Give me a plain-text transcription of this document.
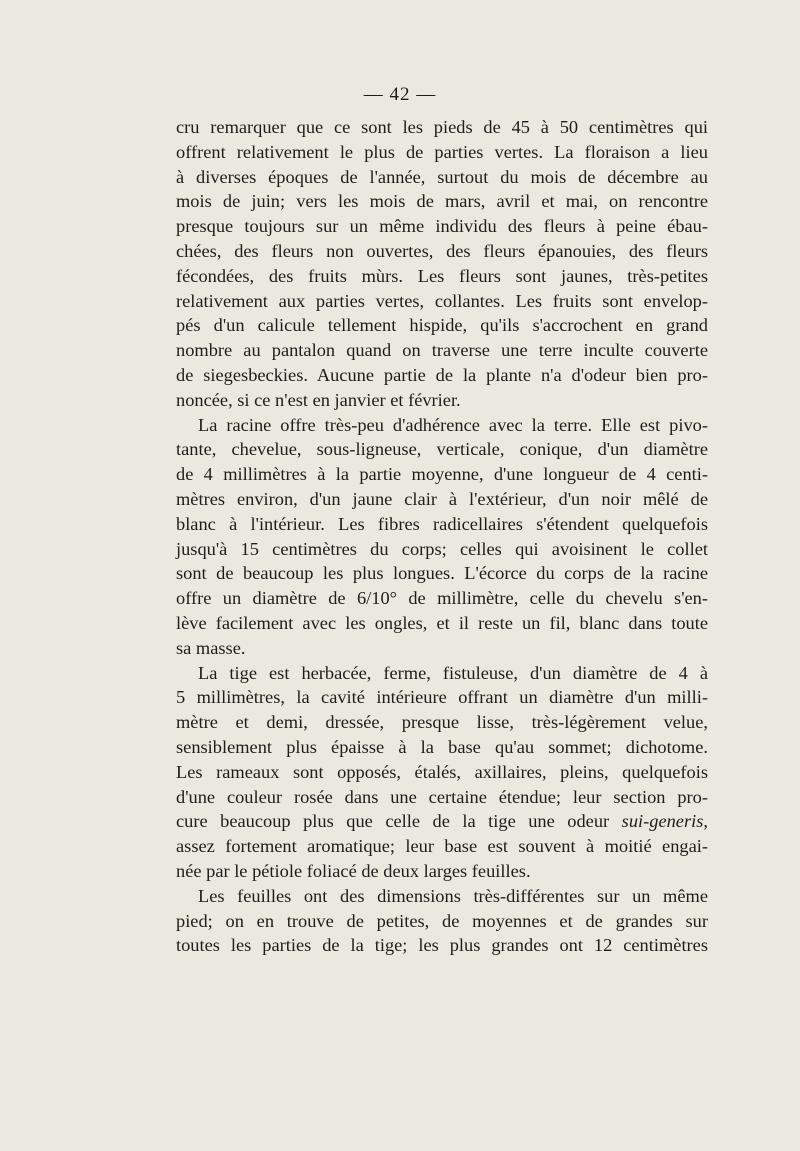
— 42 —
cru remarquer que ce sont les pieds de 45 à 50 centimètres qui
offrent relativement le plus de parties vertes. La floraison a lieu
à diverses époques de l'année, surtout du mois de décembre au
mois de juin; vers les mois de mars, avril et mai, on rencontre
presque toujours sur un même individu des fleurs à peine ébau-
chées, des fleurs non ouvertes, des fleurs épanouies, des fleurs
fécondées, des fruits mùrs. Les fleurs sont jaunes, très-petites
relativement aux parties vertes, collantes. Les fruits sont envelop-
pés d'un calicule tellement hispide, qu'ils s'accrochent en grand
nombre au pantalon quand on traverse une terre inculte couverte
de siegesbeckies. Aucune partie de la plante n'a d'odeur bien pro-
noncée, si ce n'est en janvier et février.
La racine offre très-peu d'adhérence avec la terre. Elle est pivo-
tante, chevelue, sous-ligneuse, verticale, conique, d'un diamètre
de 4 millimètres à la partie moyenne, d'une longueur de 4 centi-
mètres environ, d'un jaune clair à l'extérieur, d'un noir mêlé de
blanc à l'intérieur. Les fibres radicellaires s'étendent quelquefois
jusqu'à 15 centimètres du corps; celles qui avoisinent le collet
sont de beaucoup les plus longues. L'écorce du corps de la racine
offre un diamètre de 6/10° de millimètre, celle du chevelu s'en-
lève facilement avec les ongles, et il reste un fil, blanc dans toute
sa masse.
La tige est herbacée, ferme, fistuleuse, d'un diamètre de 4 à
5 millimètres, la cavité intérieure offrant un diamètre d'un milli-
mètre et demi, dressée, presque lisse, très-légèrement velue,
sensiblement plus épaisse à la base qu'au sommet; dichotome.
Les rameaux sont opposés, étalés, axillaires, pleins, quelquefois
d'une couleur rosée dans une certaine étendue; leur section pro-
cure beaucoup plus que celle de la tige une odeur sui-generis,
assez fortement aromatique; leur base est souvent à moitié engai-
née par le pétiole foliacé de deux larges feuilles.
Les feuilles ont des dimensions très-différentes sur un même
pied; on en trouve de petites, de moyennes et de grandes sur
toutes les parties de la tige; les plus grandes ont 12 centimètres
